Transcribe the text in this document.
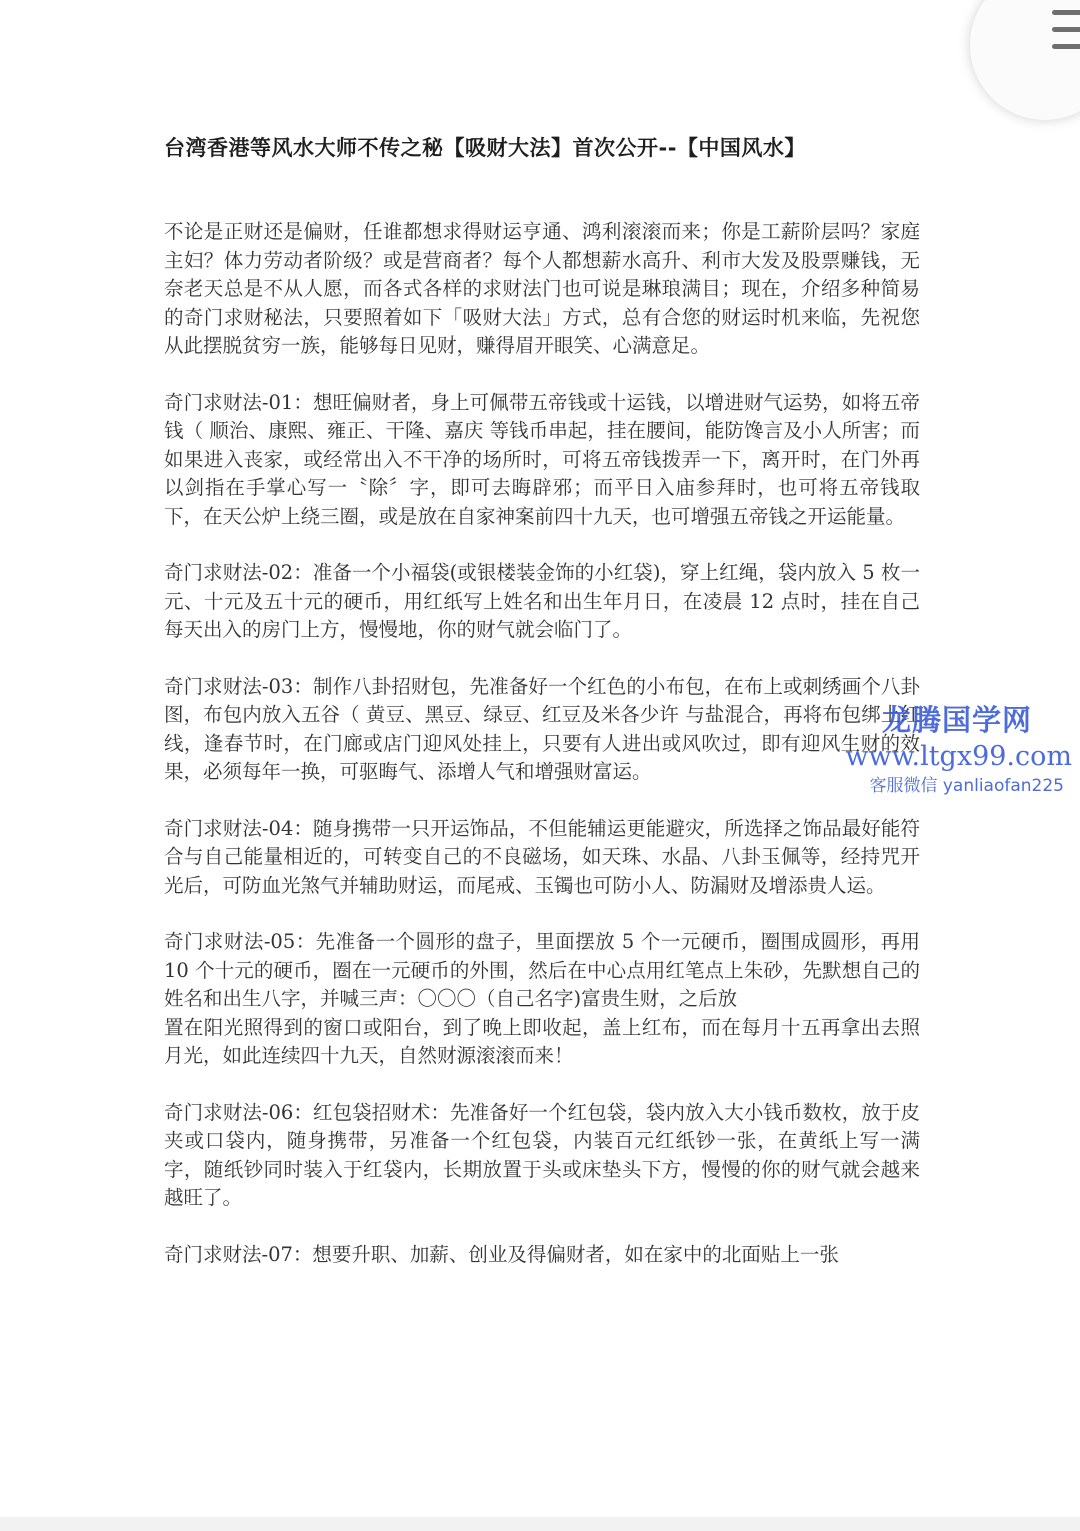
台湾香港等风水大师不传之秘【吸财大法】首次公开--【中国风水】

不论是正财还是偏财，任谁都想求得财运亨通、鸿利滚滚而来；你是工薪阶层吗？家庭主妇？体力劳动者阶级？或是营商者？每个人都想薪水高升、利市大发及股票赚钱，无奈老天总是不从人愿，而各式各样的求财法门也可说是琳琅满目；现在，介绍多种简易的奇门求财秘法，只要照着如下「吸财大法」方式，总有合您的财运时机来临，先祝您从此摆脱贫穷一族，能够每日见财，赚得眉开眼笑、心满意足。

奇门求财法-01：想旺偏财者，身上可佩带五帝钱或十运钱，以增进财气运势，如将五帝钱（ 顺治、康熙、雍正、干隆、嘉庆 等钱币串起，挂在腰间，能防馋言及小人所害；而如果进入丧家，或经常出入不干净的场所时，可将五帝钱拨弄一下，离开时，在门外再以剑指在手掌心写一〝除〞字，即可去晦辟邪；而平日入庙参拜时，也可将五帝钱取下，在天公炉上绕三圈，或是放在自家神案前四十九天，也可增强五帝钱之开运能量。

奇门求财法-02：准备一个小福袋(或银楼装金饰的小红袋)，穿上红绳，袋内放入 5 枚一元、十元及五十元的硬币，用红纸写上姓名和出生年月日，在凌晨 12 点时，挂在自己每天出入的房门上方，慢慢地，你的财气就会临门了。

奇门求财法-03：制作八卦招财包，先准备好一个红色的小布包，在布上或刺绣画个八卦图，布包内放入五谷（ 黄豆、黑豆、绿豆、红豆及米各少许 与盐混合，再将布包绑上红线，逢春节时，在门廊或店门迎风处挂上，只要有人进出或风吹过，即有迎风生财的效果，必须每年一换，可驱晦气、添增人气和增强财富运。

奇门求财法-04：随身携带一只开运饰品，不但能辅运更能避灾，所选择之饰品最好能符合与自己能量相近的，可转变自己的不良磁场，如天珠、水晶、八卦玉佩等，经持咒开光后，可防血光煞气并辅助财运，而尾戒、玉镯也可防小人、防漏财及增添贵人运。

奇门求财法-05：先准备一个圆形的盘子，里面摆放 5 个一元硬币，圈围成圆形，再用 10 个十元的硬币，圈在一元硬币的外围，然后在中心点用红笔点上朱砂，先默想自己的姓名和出生八字，并喊三声：〇〇〇（自己名字)富贵生财，之后放

置在阳光照得到的窗口或阳台，到了晚上即收起，盖上红布，而在每月十五再拿出去照月光，如此连续四十九天，自然财源滚滚而来！

奇门求财法-06：红包袋招财术：先准备好一个红包袋，袋内放入大小钱币数枚，放于皮夹或口袋内，随身携带，另准备一个红包袋，内装百元红纸钞一张，在黄纸上写一满字，随纸钞同时装入于红袋内，长期放置于头或床垫头下方，慢慢的你的财气就会越来越旺了。

奇门求财法-07：想要升职、加薪、创业及得偏财者，如在家中的北面贴上一张

龙腾国学网
www.ltgx99.com
客服微信 yanliaofan225
